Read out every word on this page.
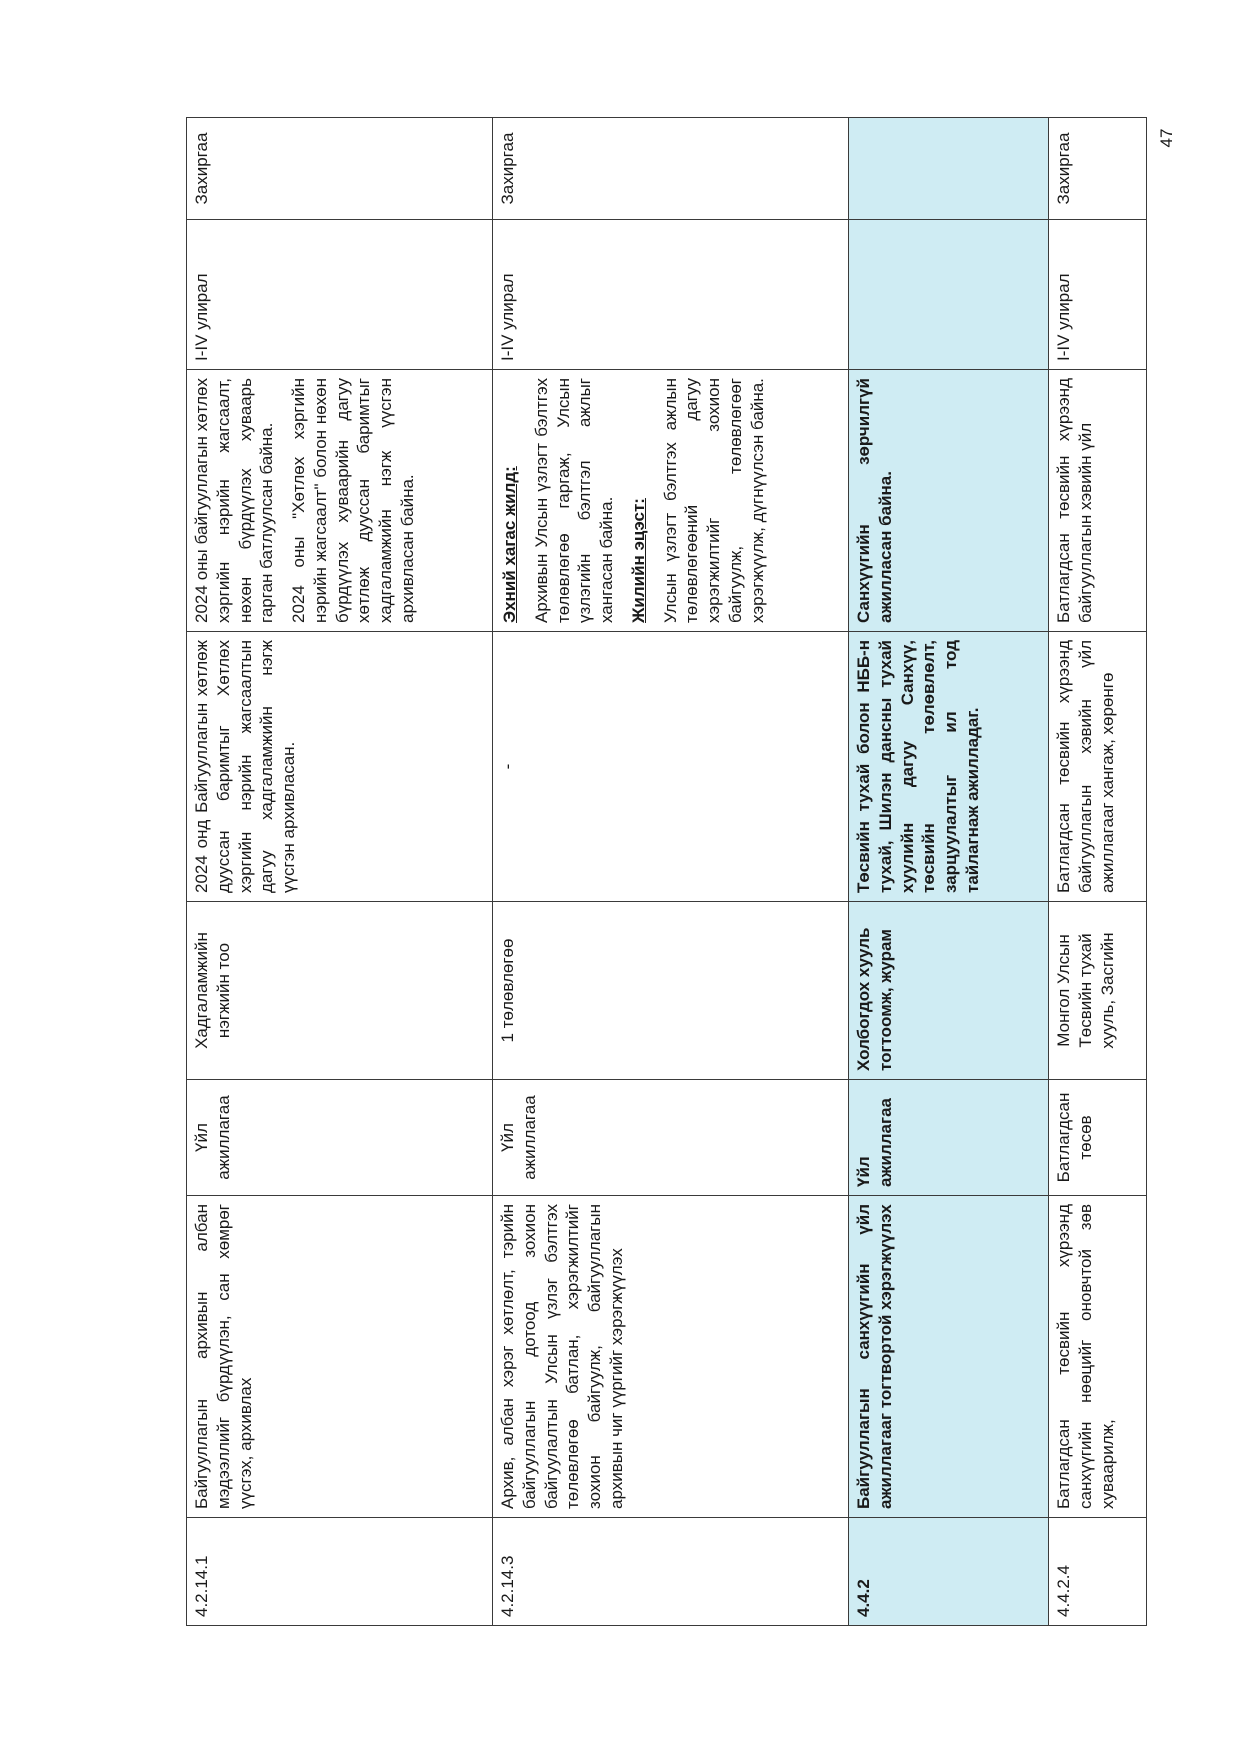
47
4.2.14.1	Байгууллагын архивын албан мэдээллийг бүрдүүлэн, сан хөмрөг үүсгэх, архивлах	Үйл ажиллагаа	Хадгаламжийн нэгжийн тоо	2024 онд Байгууллагын хөтлөж дууссан баримтыг Хөтлөх хэргийн нэрийн жагсаалтын дагуу хадгаламжийн нэгж үүсгэн архивласан.	2024 оны байгууллагын хөтлөх хэргийн нэрийн жагсаалт, нөхөн бүрдүүлэх хуваарь гарган батлуулсан байна. 2024 оны "Хөтлөх хэргийн нэрийн жагсаалт" болон нөхөн бүрдүүлэх хуваарийн дагуу хөтлөж дууссан баримтыг хадгаламжийн нэгж үүсгэн архивласан байна.	I-IV улирал	Захиргаа
4.2.14.3	Архив, албан хэрэг хөтлөлт, тэрийн байгууллагын дотоод зохион байгуулалтын Улсын үзлэг бэлтгэх төлөвлөгөө батлан, хэрэгжилтийг зохион байгуулж, байгууллагын архивын чиг үүргийг хэрэгжүүлэх	Үйл ажиллагаа	1 төлөвлөгөө	-	Эхний хагас жилд: Архивын Улсын үзлэгт бэлтгэх төлөвлөгөө гаргаж, Улсын үзлэгийн бэлтгэл ажлыг хангасан байна. Жилийн эцэст: Улсын үзлэгт бэлтгэх ажлын төлөвлөгөөний дагуу хэрэгжилтийг зохион байгуулж, төлөвлөгөөг хэрэгжүүлж, дүгнүүлсэн байна.	I-IV улирал	Захиргаа
4.4.2	Байгууллагын санхүүгийн үйл ажиллагааг тогтвортой хэрэгжүүлэх	Үйл ажиллагаа	Холбогдох хууль тогтоомж, журам	Төсвийн тухай болон НББ-н тухай, Шилэн дансны тухай хуулийн дагуу Санхүү, төсвийн төлөвлөлт, зарцуулалтыг ил тод тайлагнаж ажилладаг.	Санхүүгийн зөрчилгүй ажилласан байна.		
4.4.2.4	Батлагдсан төсвийн хүрээнд санхүүгийн нөөцийг оновчтой зөв хуваарилж,	Батлагдсан төсөв	Монгол Улсын Төсвийн тухай хууль, Засгийн	Батлагдсан төсвийн хүрээнд байгууллагын хэвийн үйл ажиллагааг хангаж, хөрөнгө	Батлагдсан төсвийн хүрээнд байгууллагын хэвийн үйл	I-IV улирал	Захиргаа
